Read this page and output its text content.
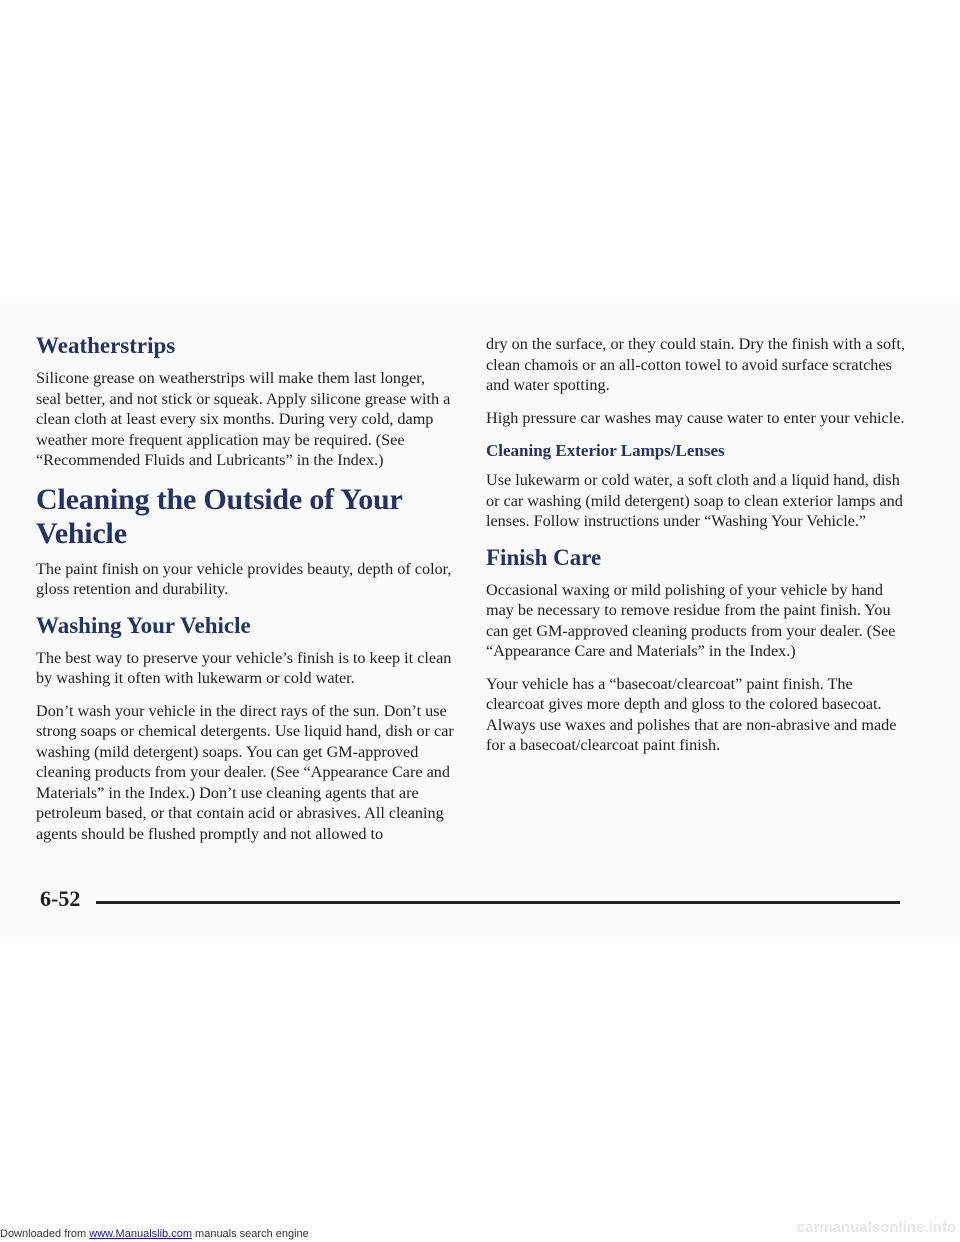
Weatherstrips

Silicone grease on weatherstrips will make them last longer, seal better, and not stick or squeak. Apply silicone grease with a clean cloth at least every six months. During very cold, damp weather more frequent application may be required. (See “Recommended Fluids and Lubricants” in the Index.)

Cleaning the Outside of Your Vehicle

The paint finish on your vehicle provides beauty, depth of color, gloss retention and durability.

Washing Your Vehicle

The best way to preserve your vehicle’s finish is to keep it clean by washing it often with lukewarm or cold water.

Don’t wash your vehicle in the direct rays of the sun. Don’t use strong soaps or chemical detergents. Use liquid hand, dish or car washing (mild detergent) soaps. You can get GM-approved cleaning products from your dealer. (See “Appearance Care and Materials” in the Index.) Don’t use cleaning agents that are petroleum based, or that contain acid or abrasives. All cleaning agents should be flushed promptly and not allowed to

dry on the surface, or they could stain. Dry the finish with a soft, clean chamois or an all-cotton towel to avoid surface scratches and water spotting.

High pressure car washes may cause water to enter your vehicle.

Cleaning Exterior Lamps/Lenses

Use lukewarm or cold water, a soft cloth and a liquid hand, dish or car washing (mild detergent) soap to clean exterior lamps and lenses. Follow instructions under “Washing Your Vehicle.”

Finish Care

Occasional waxing or mild polishing of your vehicle by hand may be necessary to remove residue from the paint finish. You can get GM-approved cleaning products from your dealer. (See “Appearance Care and Materials” in the Index.)

Your vehicle has a “basecoat/clearcoat” paint finish. The clearcoat gives more depth and gloss to the colored basecoat. Always use waxes and polishes that are non-abrasive and made for a basecoat/clearcoat paint finish.

6-52
Downloaded from www.Manualslib.com manuals search engine	carmanualsonline.info
